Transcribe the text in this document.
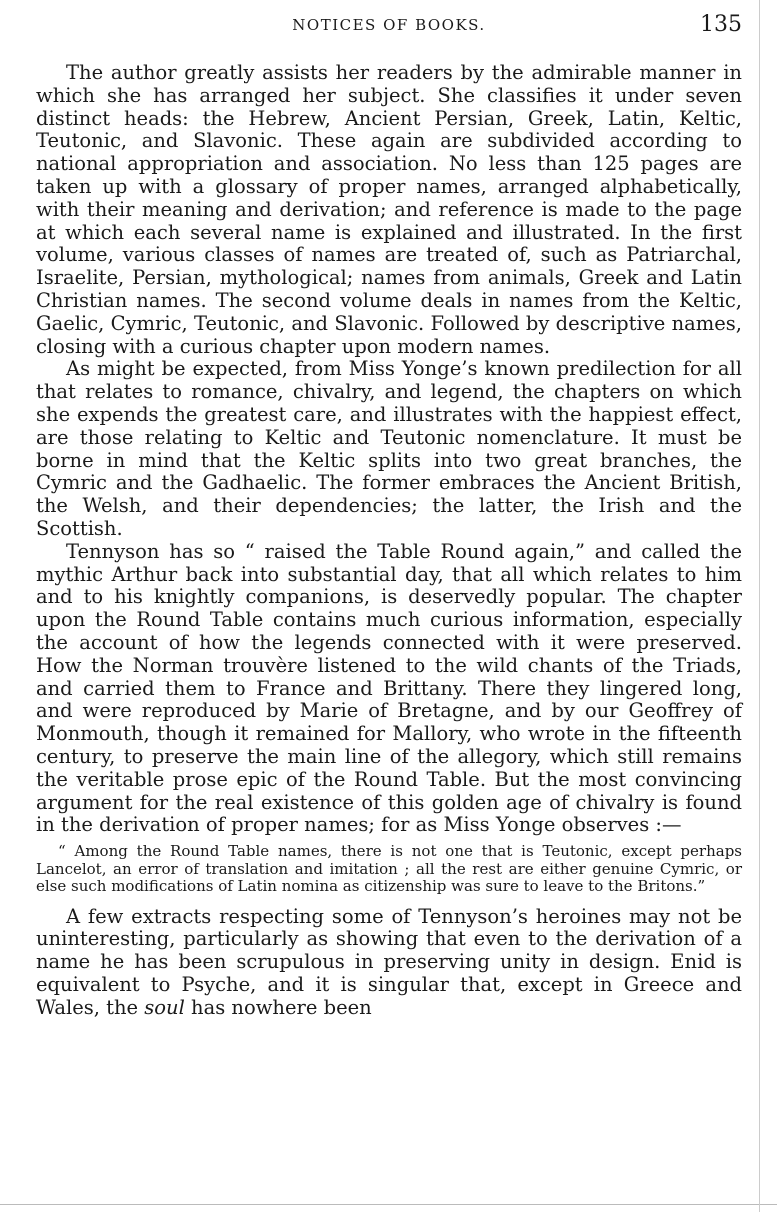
NOTICES OF BOOKS.	135

The author greatly assists her readers by the admirable manner in which she has arranged her subject. She classifies it under seven distinct heads: the Hebrew, Ancient Persian, Greek, Latin, Keltic, Teutonic, and Slavonic. These again are subdivided according to national appropriation and association. No less than 125 pages are taken up with a glossary of proper names, arranged alphabetically, with their meaning and derivation; and reference is made to the page at which each several name is explained and illustrated. In the first volume, various classes of names are treated of, such as Patriarchal, Israelite, Persian, mythological; names from animals, Greek and Latin Christian names. The second volume deals in names from the Keltic, Gaelic, Cymric, Teutonic, and Slavonic. Followed by descriptive names, closing with a curious chapter upon modern names.

As might be expected, from Miss Yonge’s known predilection for all that relates to romance, chivalry, and legend, the chapters on which she expends the greatest care, and illustrates with the happiest effect, are those relating to Keltic and Teutonic nomenclature. It must be borne in mind that the Keltic splits into two great branches, the Cymric and the Gadhaelic. The former embraces the Ancient British, the Welsh, and their dependencies; the latter, the Irish and the Scottish.

Tennyson has so “ raised the Table Round again,” and called the mythic Arthur back into substantial day, that all which relates to him and to his knightly companions, is deservedly popular. The chapter upon the Round Table contains much curious information, especially the account of how the legends connected with it were preserved. How the Norman trouvère listened to the wild chants of the Triads, and carried them to France and Brittany. There they lingered long, and were reproduced by Marie of Bretagne, and by our Geoffrey of Monmouth, though it remained for Mallory, who wrote in the fifteenth century, to preserve the main line of the allegory, which still remains the veritable prose epic of the Round Table. But the most convincing argument for the real existence of this golden age of chivalry is found in the derivation of proper names; for as Miss Yonge observes :—

“ Among the Round Table names, there is not one that is Teutonic, except perhaps Lancelot, an error of translation and imitation ; all the rest are either genuine Cymric, or else such modifications of Latin nomina as citizenship was sure to leave to the Britons.”

A few extracts respecting some of Tennyson’s heroines may not be uninteresting, particularly as showing that even to the derivation of a name he has been scrupulous in preserving unity in design. Enid is equivalent to Psyche, and it is singular that, except in Greece and Wales, the soul has nowhere been
